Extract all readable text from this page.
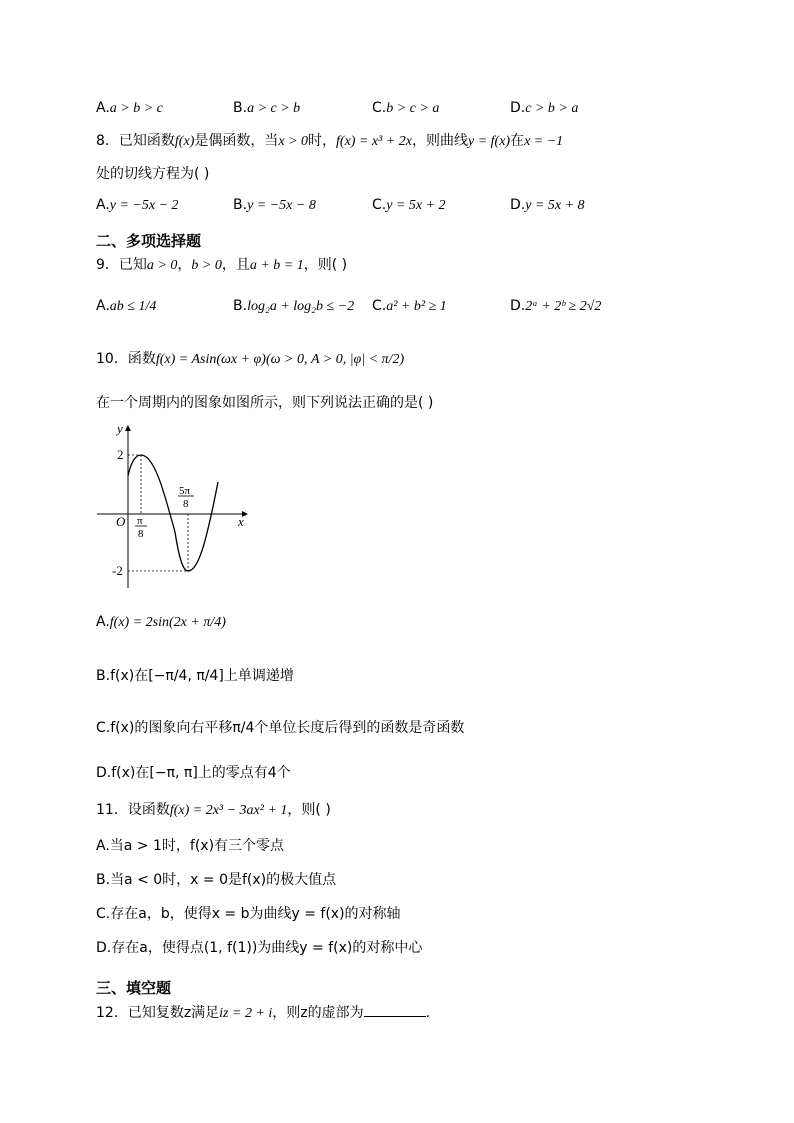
A.a > b > c	B.a > c > b	C.b > c > a	D.c > b > a
8．已知函数f(x)是偶函数，当x > 0时，f(x) = x³ + 2x，则曲线y = f(x)在x = −1
处的切线方程为( )
A.y = −5x − 2	B.y = −5x − 8	C.y = 5x + 2	D.y = 5x + 8
二、多项选择题
9．已知a > 0，b > 0，且a + b = 1，则( )
A.ab ≤ 1/4	B.log₂a + log₂b ≤ −2 C.a² + b² ≥ 1	D.2ᵃ + 2ᵇ ≥ 2√2
10．函数f(x) = Asin(ωx + φ)(ω > 0, A > 0, |φ| < π/2)
在一个周期内的图象如图所示，则下列说法正确的是( )
y
x
O
2
-2
π
8
5π
8
A.f(x) = 2sin(2x + π/4)
B.f(x)在[−π/4, π/4]上单调递增
C.f(x)的图象向右平移π/4个单位长度后得到的函数是奇函数
D.f(x)在[−π, π]上的零点有4个
11．设函数f(x) = 2x³ − 3ax² + 1，则( )
A.当a > 1时，f(x)有三个零点
B.当a < 0时，x = 0是f(x)的极大值点
C.存在a，b，使得x = b为曲线y = f(x)的对称轴
D.存在a，使得点(1, f(1))为曲线y = f(x)的对称中心
三、填空题
12．已知复数z满足iz = 2 + i，则z的虚部为	.
